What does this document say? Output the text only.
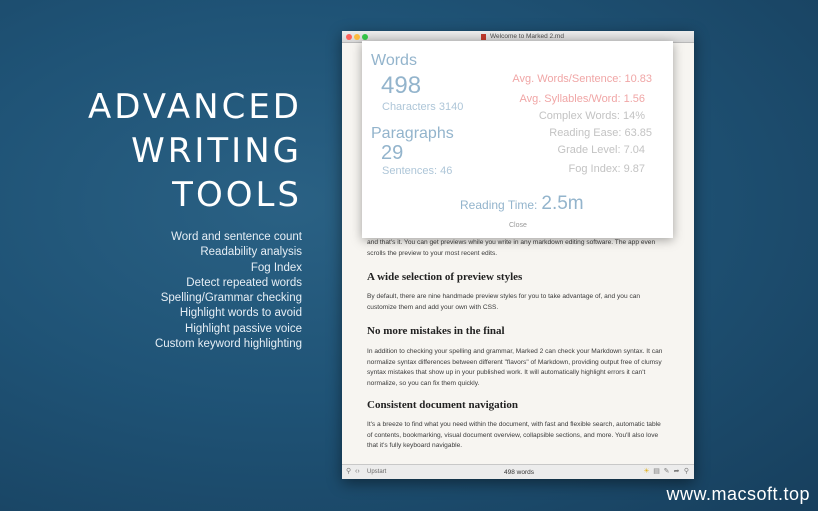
ADVANCED
WRITING
TOOLS
Word and sentence count
Readability analysis
Fog Index
Detect repeated words
Spelling/Grammar checking
Highlight words to avoid
Highlight passive voice
Custom keyword highlighting
Welcome to Marked 2.md

and that's it. You can get previews while you write in any markdown editing software. The app even scrolls the preview to your most recent edits.

A wide selection of preview styles

By default, there are nine handmade preview styles for you to take advantage of, and you can customize them and add your own with CSS.

No more mistakes in the final

In addition to checking your spelling and grammar, Marked 2 can check your Markdown syntax. It can normalize syntax differences between different "flavors" of Markdown, providing output free of clumsy syntax mistakes that show up in your published work. It will automatically highlight errors it can't normalize, so you can fix them quickly.

Consistent document navigation

It's a breeze to find what you need within the document, with fast and flexible search, automatic table of contents, bookmarking, visual document overview, collapsible sections, and more. You'll also love that it's fully keyboard navigable.

⚲ ‹› Upstart	498 words	☀ ▤ ✎ ➦ ⚲
Words
498
Characters 3140
Paragraphs
29
Sentences: 46
Avg. Words/Sentence: 10.83
Avg. Syllables/Word: 1.56
Complex Words: 14%
Reading Ease: 63.85
Grade Level: 7.04
Fog Index: 9.87
Reading Time: 2.5m
Close
www.macsoft.top
